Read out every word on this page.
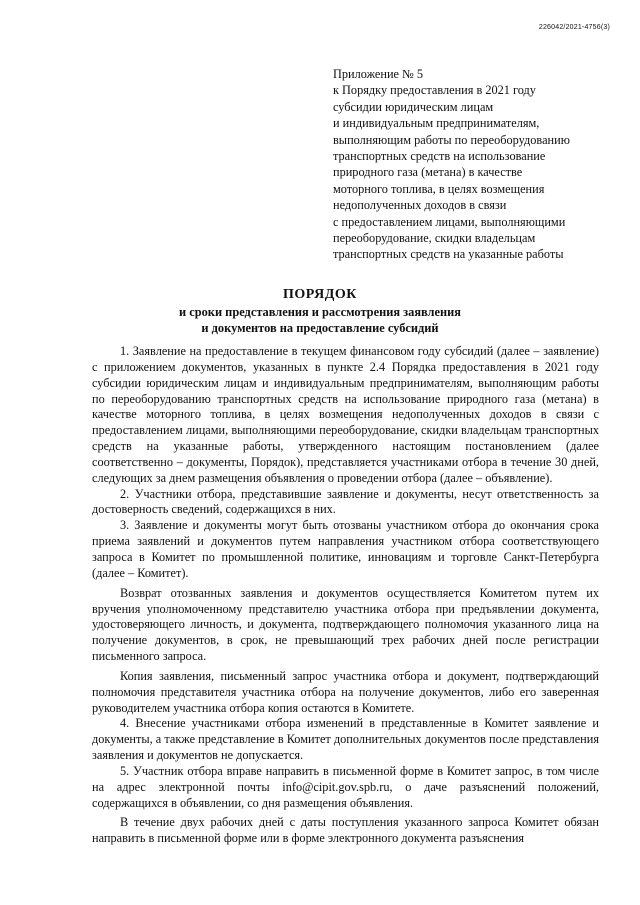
226042/2021-4756(3)
Приложение № 5
к Порядку предоставления в 2021 году
субсидии юридическим лицам
и индивидуальным предпринимателям,
выполняющим работы по переоборудованию
транспортных средств на использование
природного газа (метана) в качестве
моторного топлива, в целях возмещения
недополученных доходов в связи
с предоставлением лицами, выполняющими
переоборудование, скидки владельцам
транспортных средств на указанные работы
ПОРЯДОК
и сроки представления и рассмотрения заявления
и документов на предоставление субсидий

1. Заявление на предоставление в текущем финансовом году субсидий (далее – заявление) с приложением документов, указанных в пункте 2.4 Порядка предоставления в 2021 году субсидии юридическим лицам и индивидуальным предпринимателям, выполняющим работы по переоборудованию транспортных средств на использование природного газа (метана) в качестве моторного топлива, в целях возмещения недополученных доходов в связи с предоставлением лицами, выполняющими переоборудование, скидки владельцам транспортных средств на указанные работы, утвержденного настоящим постановлением (далее соответственно – документы, Порядок), представляется участниками отбора в течение 30 дней, следующих за днем размещения объявления о проведении отбора (далее – объявление).

2. Участники отбора, представившие заявление и документы, несут ответственность за достоверность сведений, содержащихся в них.

3. Заявление и документы могут быть отозваны участником отбора до окончания срока приема заявлений и документов путем направления участником отбора соответствующего запроса в Комитет по промышленной политике, инновациям и торговле Санкт-Петербурга (далее – Комитет).

Возврат отозванных заявления и документов осуществляется Комитетом путем их вручения уполномоченному представителю участника отбора при предъявлении документа, удостоверяющего личность, и документа, подтверждающего полномочия указанного лица на получение документов, в срок, не превышающий трех рабочих дней после регистрации письменного запроса.

Копия заявления, письменный запрос участника отбора и документ, подтверждающий полномочия представителя участника отбора на получение документов, либо его заверенная руководителем участника отбора копия остаются в Комитете.

4. Внесение участниками отбора изменений в представленные в Комитет заявление и документы, а также представление в Комитет дополнительных документов после представления заявления и документов не допускается.

5. Участник отбора вправе направить в письменной форме в Комитет запрос, в том числе на адрес электронной почты info@cipit.gov.spb.ru, о даче разъяснений положений, содержащихся в объявлении, со дня размещения объявления.

В течение двух рабочих дней с даты поступления указанного запроса Комитет обязан направить в письменной форме или в форме электронного документа разъяснения
